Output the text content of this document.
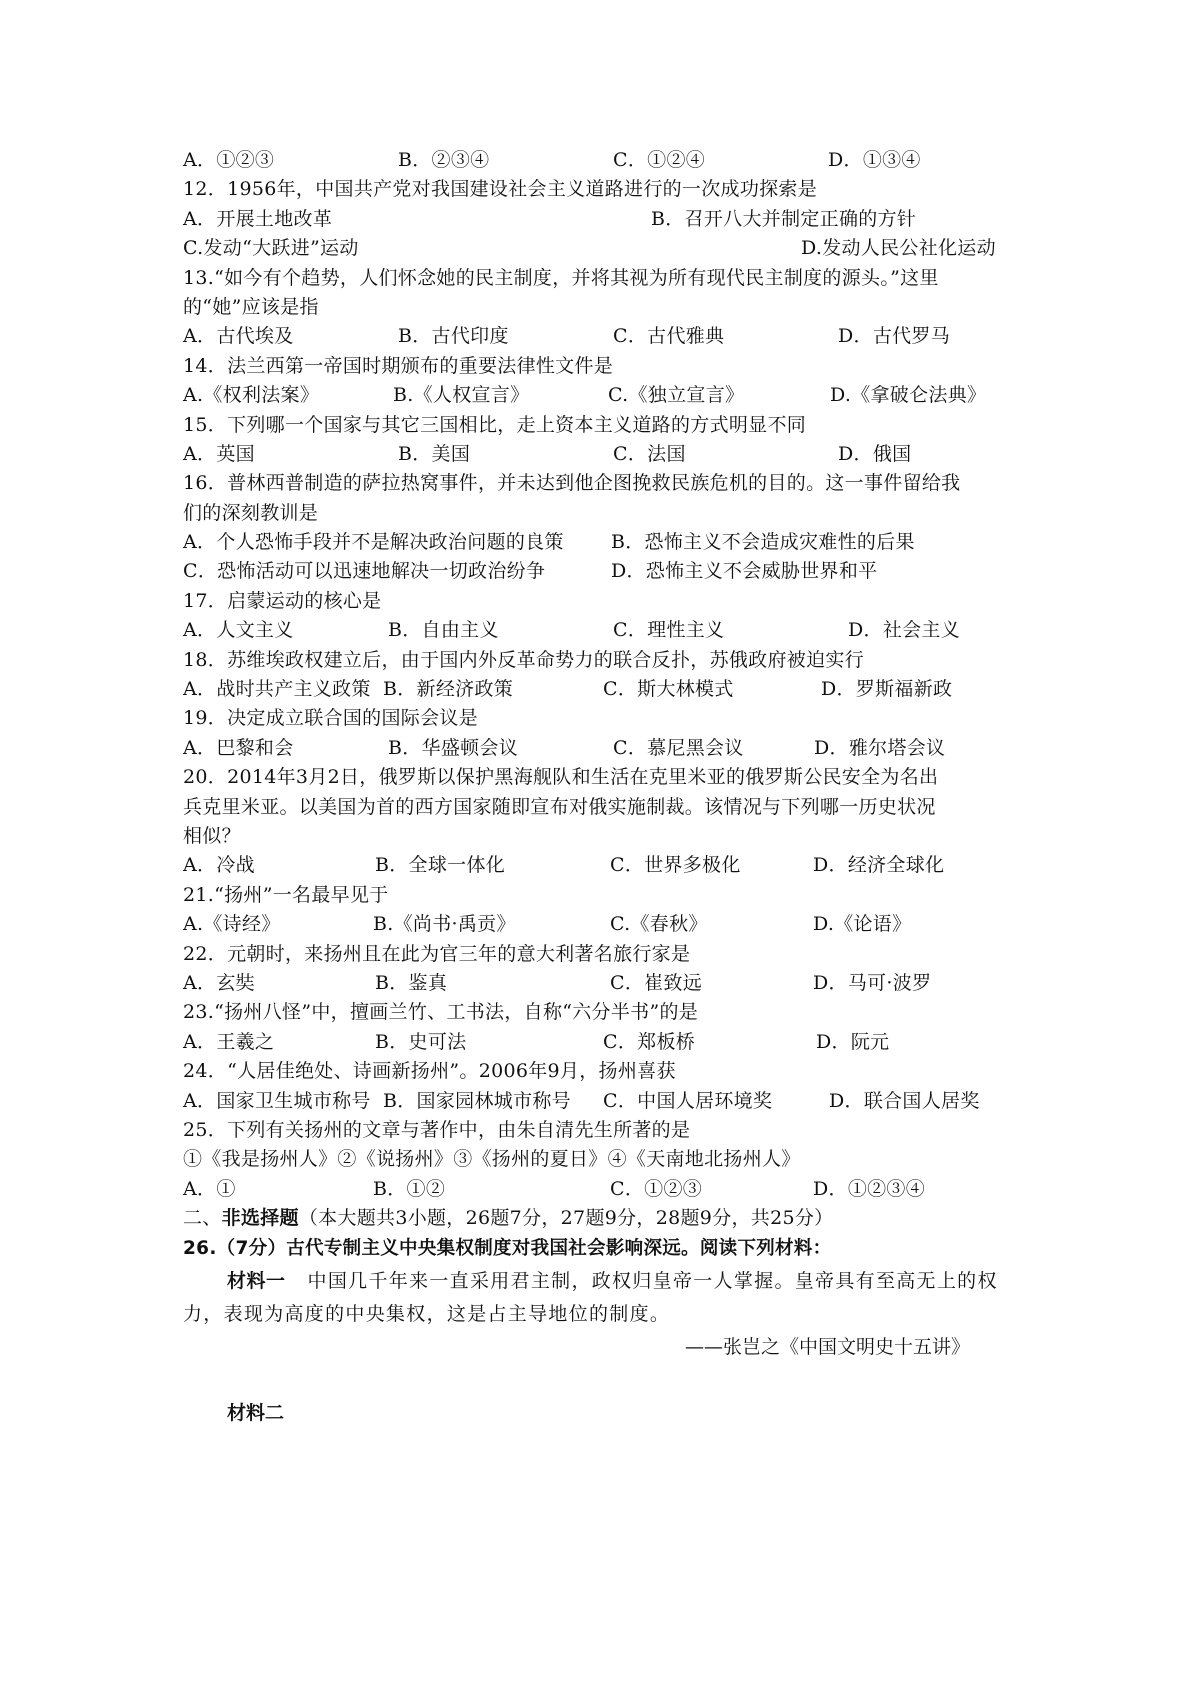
A．①②③	B．②③④	C．①②④	D．①③④
12．1956年，中国共产党对我国建设社会主义道路进行的一次成功探索是
A．开展土地改革	B．召开八大并制定正确的方针
C.发动“大跃进”运动	D.发动人民公社化运动
13.“如今有个趋势，人们怀念她的民主制度，并将其视为所有现代民主制度的源头。”这里
的“她”应该是指
A．古代埃及	B．古代印度	C．古代雅典	D．古代罗马
14．法兰西第一帝国时期颁布的重要法律性文件是
A.《权利法案》	B.《人权宣言》	C.《独立宣言》	D.《拿破仑法典》
15．下列哪一个国家与其它三国相比，走上资本主义道路的方式明显不同
A．英国	B．美国	C．法国	D．俄国
16．普林西普制造的萨拉热窝事件，并未达到他企图挽救民族危机的目的。这一事件留给我
们的深刻教训是
A．个人恐怖手段并不是解决政治问题的良策	B．恐怖主义不会造成灾难性的后果
C．恐怖活动可以迅速地解决一切政治纷争	D．恐怖主义不会威胁世界和平
17．启蒙运动的核心是
A．人文主义	B．自由主义	C．理性主义	D．社会主义
18．苏维埃政权建立后，由于国内外反革命势力的联合反扑，苏俄政府被迫实行
A．战时共产主义政策 B．新经济政策	C．斯大林模式	D．罗斯福新政
19．决定成立联合国的国际会议是
A．巴黎和会	B．华盛顿会议	C．慕尼黑会议	D．雅尔塔会议
20．2014年3月2日，俄罗斯以保护黑海舰队和生活在克里米亚的俄罗斯公民安全为名出
兵克里米亚。以美国为首的西方国家随即宣布对俄实施制裁。该情况与下列哪一历史状况
相似？
A．冷战	B．全球一体化	C．世界多极化	D．经济全球化
21.“扬州”一名最早见于
A.《诗经》	B.《尚书·禹贡》	C.《春秋》	D.《论语》
22．元朝时，来扬州且在此为官三年的意大利著名旅行家是
A．玄奘	B．鉴真	C．崔致远	D．马可·波罗
23.“扬州八怪”中，擅画兰竹、工书法，自称“六分半书”的是
A．王羲之	B．史可法	C．郑板桥	D．阮元
24．“人居佳绝处、诗画新扬州”。2006年9月，扬州喜获
A．国家卫生城市称号 B．国家园林城市称号	C．中国人居环境奖	D．联合国人居奖
25．下列有关扬州的文章与著作中，由朱自清先生所著的是
①《我是扬州人》②《说扬州》③《扬州的夏日》④《天南地北扬州人》
A．①	B．①②	C．①②③	D．①②③④
二、非选择题（本大题共3小题，26题7分，27题9分，28题9分，共25分）
26.（7分）古代专制主义中央集权制度对我国社会影响深远。阅读下列材料：
材料一 中国几千年来一直采用君主制，政权归皇帝一人掌握。皇帝具有至高无上的权力，表现为高度的中央集权，这是占主导地位的制度。
——张岂之《中国文明史十五讲》
材料二
